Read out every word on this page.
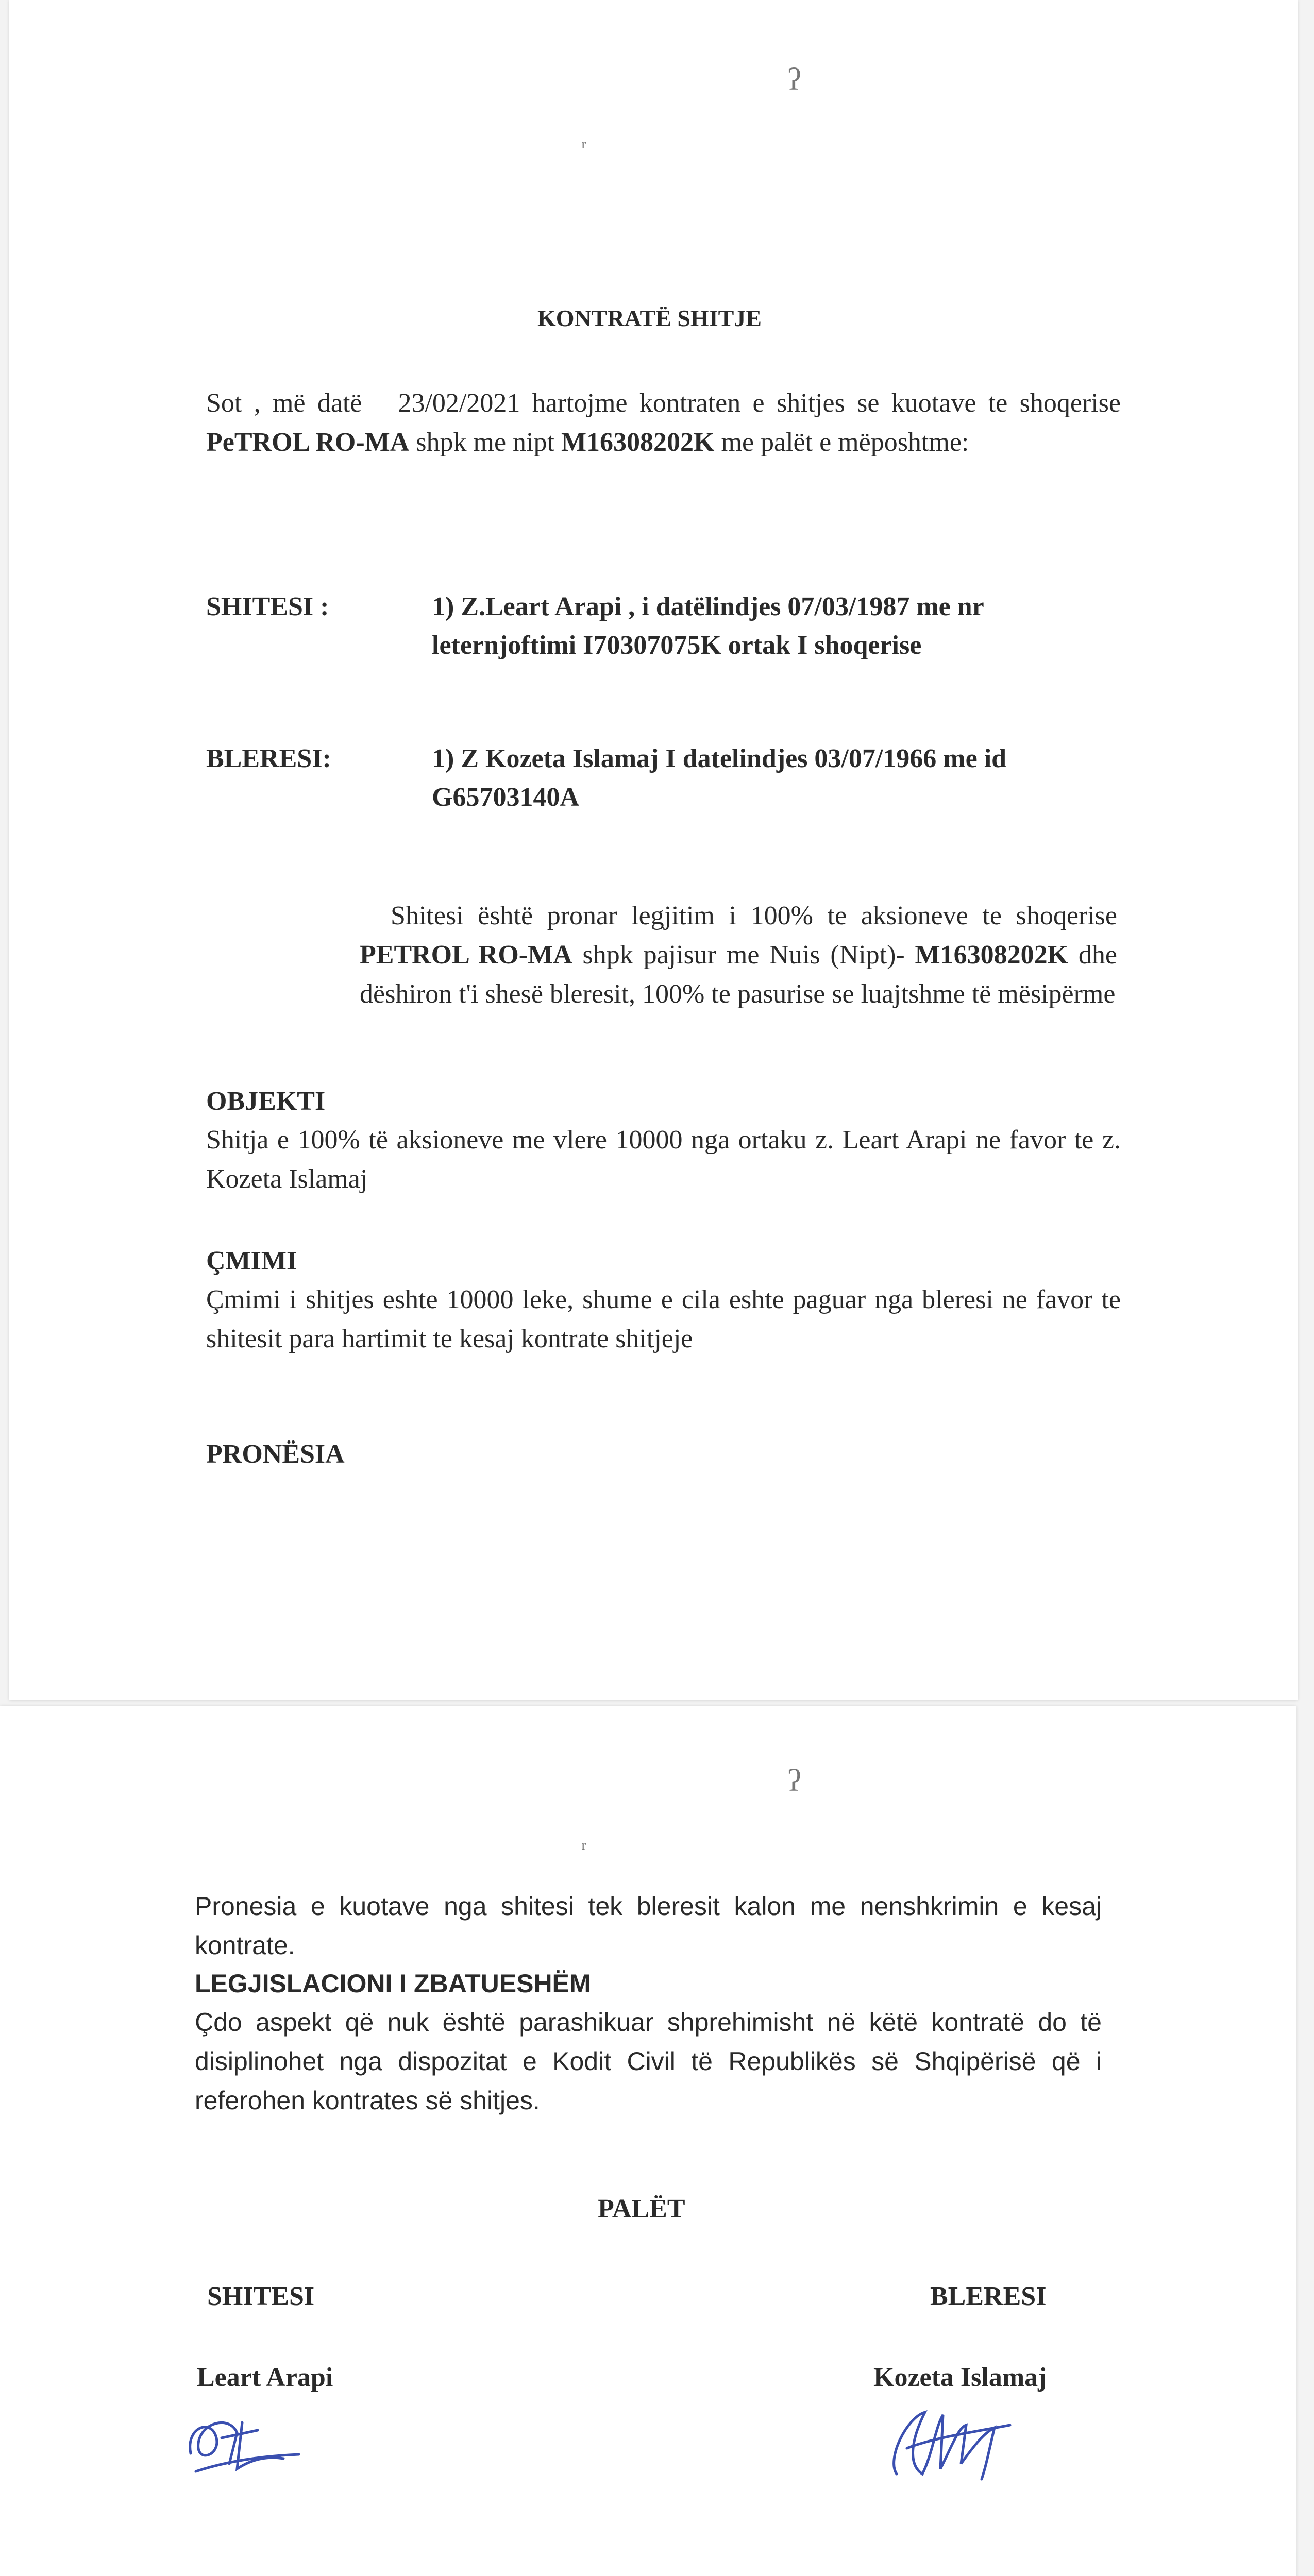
ʔ
ʳ
KONTRATË SHITJE
Sot , më datë 23/02/2021 hartojme kontraten e shitjes se kuotave te shoqerise PeTROL RO-MA shpk me nipt M16308202K me palët e mëposhtme:
SHITESI :	1) Z.Leart Arapi , i datëlindjes 07/03/1987 me nr
leternjoftimi I70307075K ortak I shoqerise
BLERESI:	1) Z Kozeta Islamaj I datelindjes 03/07/1966 me id
G65703140A
Shitesi është pronar legjitim i 100% te aksioneve te shoqerise PETROL RO-MA shpk pajisur me Nuis (Nipt)- M16308202K dhe dëshiron t'i shesë bleresit, 100% te pasurise se luajtshme të mësipërme
OBJEKTI
Shitja e 100% të aksioneve me vlere 10000 nga ortaku z. Leart Arapi ne favor te z. Kozeta Islamaj
ÇMIMI
Çmimi i shitjes eshte 10000 leke, shume e cila eshte paguar nga bleresi ne favor te shitesit para hartimit te kesaj kontrate shitjeje
PRONËSIA
ʔ
ʳ
Pronesia e kuotave nga shitesi tek bleresit kalon me nenshkrimin e kesaj kontrate.
LEGJISLACIONI I ZBATUESHËM
Çdo aspekt që nuk është parashikuar shprehimisht në këtë kontratë do të disiplinohet nga dispozitat e Kodit Civil të Republikës së Shqipërisë që i referohen kontrates së shitjes.
PALËT
SHITESI	BLERESI
Leart Arapi	Kozeta Islamaj
